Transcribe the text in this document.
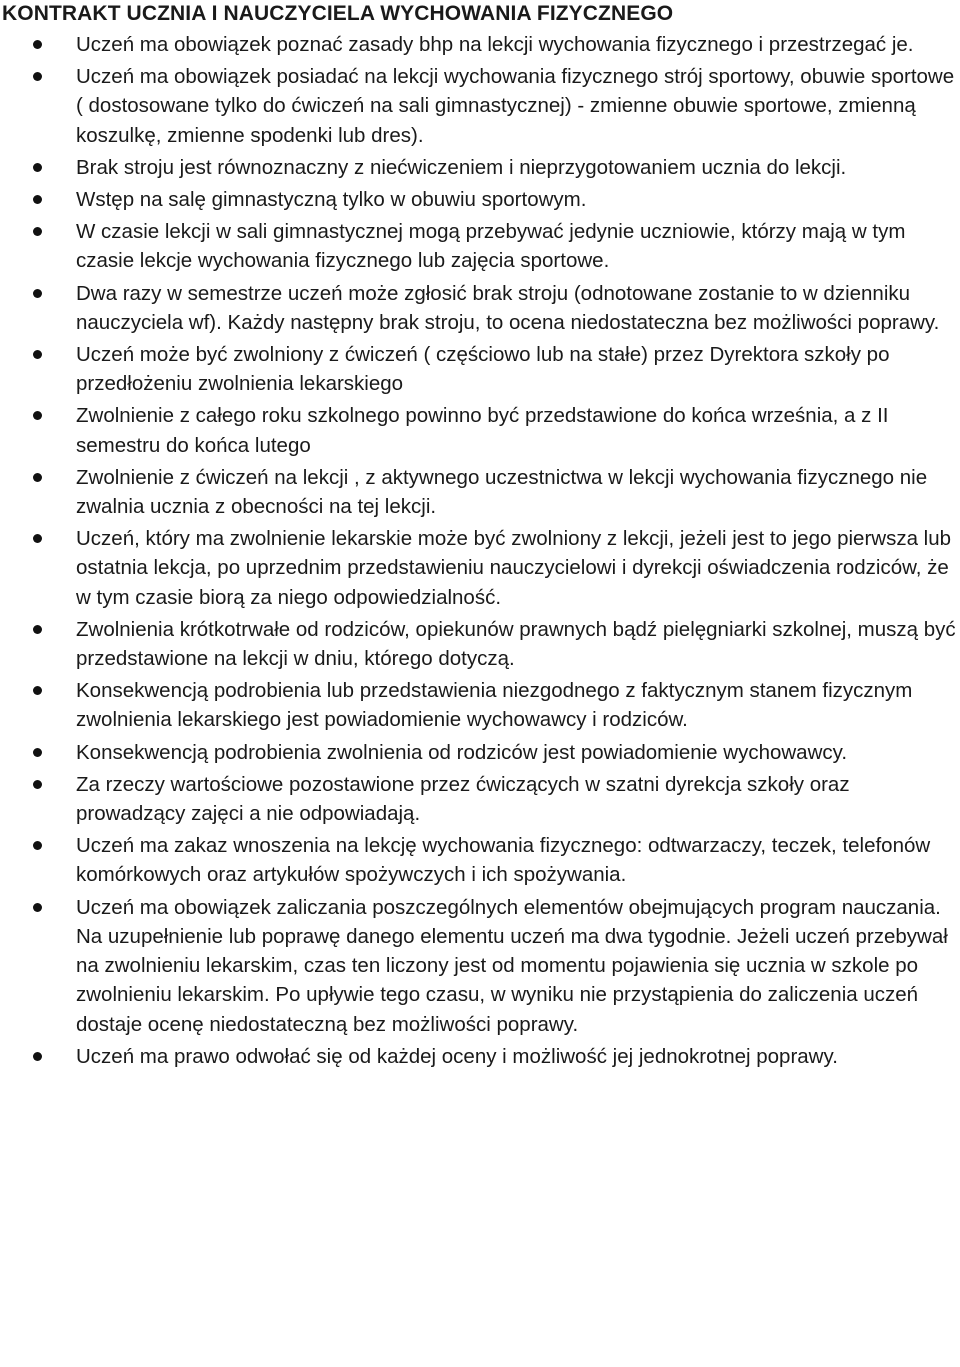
KONTRAKT UCZNIA I NAUCZYCIELA WYCHOWANIA FIZYCZNEGO
Uczeń ma obowiązek poznać zasady bhp na lekcji wychowania fizycznego i przestrzegać je.
Uczeń ma obowiązek posiadać na lekcji wychowania fizycznego strój sportowy, obuwie sportowe ( dostosowane tylko do ćwiczeń na sali gimnastycznej) - zmienne obuwie sportowe, zmienną koszulkę, zmienne spodenki lub dres).
Brak stroju jest równoznaczny z niećwiczeniem i nieprzygotowaniem ucznia do lekcji.
Wstęp na salę gimnastyczną tylko w obuwiu sportowym.
W czasie lekcji w sali gimnastycznej mogą przebywać jedynie uczniowie, którzy mają w tym czasie lekcje wychowania fizycznego lub zajęcia sportowe.
Dwa razy w semestrze uczeń może zgłosić brak stroju (odnotowane zostanie to w dzienniku nauczyciela wf). Każdy następny brak stroju, to ocena niedostateczna bez możliwości poprawy.
Uczeń może być zwolniony z ćwiczeń ( częściowo lub na stałe) przez Dyrektora szkoły po przedłożeniu zwolnienia lekarskiego
Zwolnienie z całego roku szkolnego powinno być przedstawione do końca września, a z II semestru do końca lutego
Zwolnienie z ćwiczeń na lekcji , z aktywnego uczestnictwa w lekcji wychowania fizycznego nie zwalnia ucznia z obecności na tej lekcji.
Uczeń, który ma zwolnienie lekarskie może być zwolniony z lekcji, jeżeli jest to jego pierwsza lub ostatnia lekcja, po uprzednim przedstawieniu nauczycielowi i dyrekcji oświadczenia rodziców, że w tym czasie biorą za niego odpowiedzialność.
Zwolnienia krótkotrwałe od rodziców, opiekunów prawnych bądź pielęgniarki szkolnej, muszą być przedstawione na lekcji w dniu, którego dotyczą.
Konsekwencją podrobienia lub przedstawienia niezgodnego z faktycznym stanem fizycznym zwolnienia lekarskiego jest powiadomienie wychowawcy i rodziców.
Konsekwencją podrobienia zwolnienia od rodziców jest powiadomienie wychowawcy.
Za rzeczy wartościowe pozostawione przez ćwiczących w szatni dyrekcja szkoły oraz prowadzący zajęci a nie odpowiadają.
Uczeń ma zakaz wnoszenia na lekcję wychowania fizycznego: odtwarzaczy, teczek, telefonów komórkowych oraz artykułów spożywczych i ich spożywania.
Uczeń ma obowiązek zaliczania poszczególnych elementów obejmujących program nauczania. Na uzupełnienie lub poprawę danego elementu uczeń ma dwa tygodnie. Jeżeli uczeń przebywał na zwolnieniu lekarskim, czas ten liczony jest od momentu pojawienia się ucznia w szkole po zwolnieniu lekarskim. Po upływie tego czasu, w wyniku nie przystąpienia do zaliczenia uczeń dostaje ocenę niedostateczną bez możliwości poprawy.
Uczeń ma prawo odwołać się od każdej oceny i możliwość jej jednokrotnej poprawy.
